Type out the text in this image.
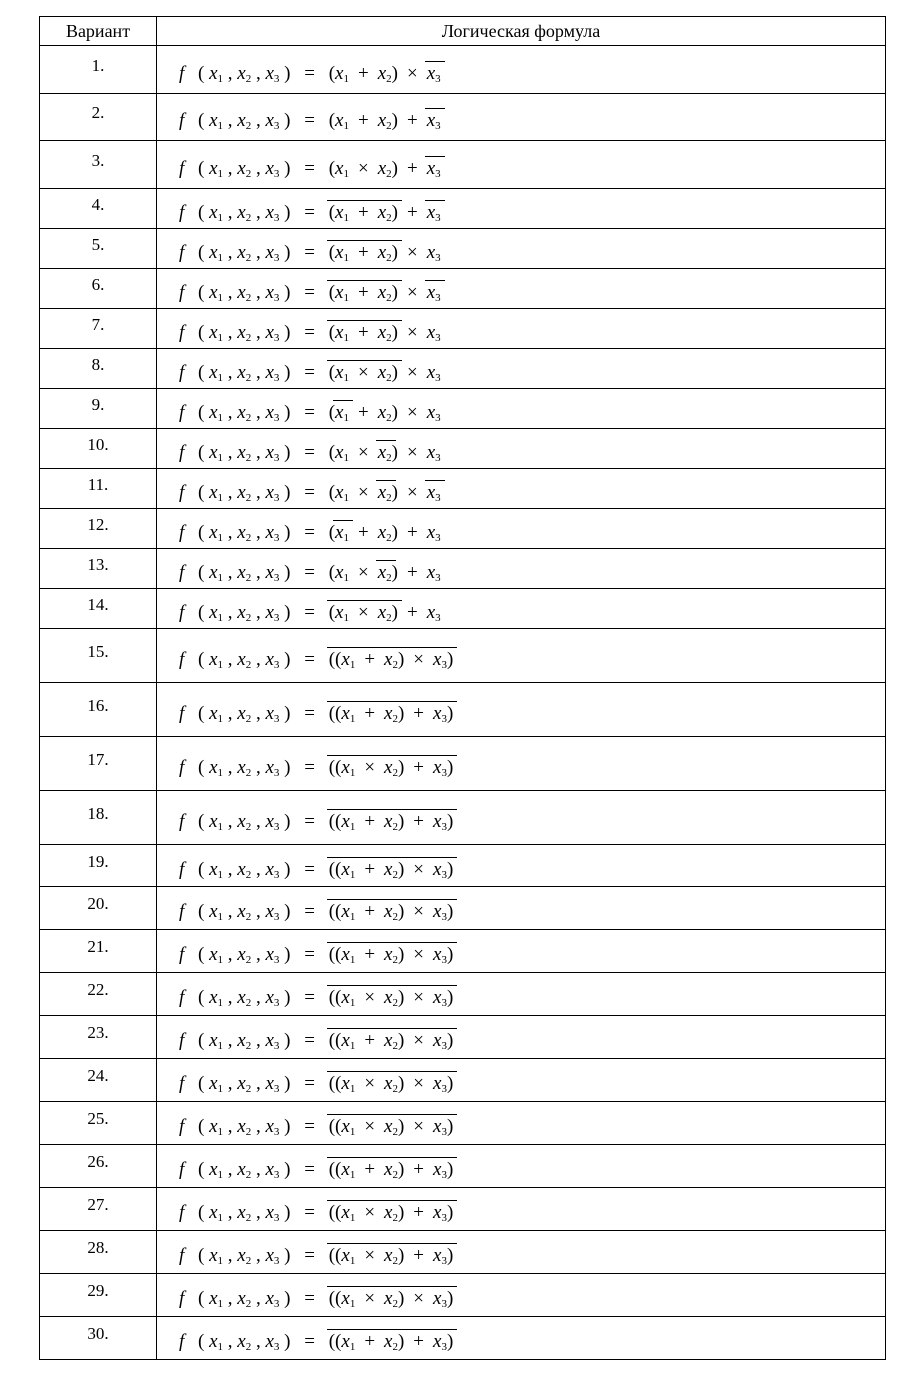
Вариант	Логическая формула

1.	f ( $x_1$ , $x_2$ , $x_3$ ) = $(x_1 + x_2) \times x_3$

2.	f ( $x_1$ , $x_2$ , $x_3$ ) = $(x_1 + x_2) + x_3$

3.	f ( $x_1$ , $x_2$ , $x_3$ ) = $(x_1 \times x_2) + x_3$

4.	f ( $x_1$ , $x_2$ , $x_3$ ) = $(x_1 + x_2) + x_3$

5.	f ( $x_1$ , $x_2$ , $x_3$ ) = $(x_1 + x_2) \times x_3$

6.	f ( $x_1$ , $x_2$ , $x_3$ ) = $(x_1 + x_2) \times x_3$

7.	f ( $x_1$ , $x_2$ , $x_3$ ) = $(x_1 + x_2) \times x_3$

8.	f ( $x_1$ , $x_2$ , $x_3$ ) = $(x_1 \times x_2) \times x_3$

9.	f ( $x_1$ , $x_2$ , $x_3$ ) = $(x_1 + x_2) \times x_3$

10.	f ( $x_1$ , $x_2$ , $x_3$ ) = $(x_1 \times x_2) \times x_3$

11.	f ( $x_1$ , $x_2$ , $x_3$ ) = $(x_1 \times x_2) \times x_3$

12.	f ( $x_1$ , $x_2$ , $x_3$ ) = $(x_1 + x_2) + x_3$

13.	f ( $x_1$ , $x_2$ , $x_3$ ) = $(x_1 \times x_2) + x_3$

14.	f ( $x_1$ , $x_2$ , $x_3$ ) = $(x_1 \times x_2) + x_3$

15.	f ( $x_1$ , $x_2$ , $x_3$ ) = $((x_1 + x_2) \times x_3)$

16.	f ( $x_1$ , $x_2$ , $x_3$ ) = $((x_1 + x_2) + x_3)$

17.	f ( $x_1$ , $x_2$ , $x_3$ ) = $((x_1 \times x_2) + x_3)$

18.	f ( $x_1$ , $x_2$ , $x_3$ ) = $((x_1 + x_2) + x_3)$

19.	f ( $x_1$ , $x_2$ , $x_3$ ) = $((x_1 + x_2) \times x_3)$

20.	f ( $x_1$ , $x_2$ , $x_3$ ) = $((x_1 + x_2) \times x_3)$

21.	f ( $x_1$ , $x_2$ , $x_3$ ) = $((x_1 + x_2) \times x_3)$

22.	f ( $x_1$ , $x_2$ , $x_3$ ) = $((x_1 \times x_2) \times x_3)$

23.	f ( $x_1$ , $x_2$ , $x_3$ ) = $((x_1 + x_2) \times x_3)$

24.	f ( $x_1$ , $x_2$ , $x_3$ ) = $((x_1 \times x_2) \times x_3)$

25.	f ( $x_1$ , $x_2$ , $x_3$ ) = $((x_1 \times x_2) \times x_3)$

26.	f ( $x_1$ , $x_2$ , $x_3$ ) = $((x_1 + x_2) + x_3)$

27.	f ( $x_1$ , $x_2$ , $x_3$ ) = $((x_1 \times x_2) + x_3)$

28.	f ( $x_1$ , $x_2$ , $x_3$ ) = $((x_1 \times x_2) + x_3)$

29.	f ( $x_1$ , $x_2$ , $x_3$ ) = $((x_1 \times x_2) \times x_3)$

30.	f ( $x_1$ , $x_2$ , $x_3$ ) = $((x_1 + x_2) + x_3)$
